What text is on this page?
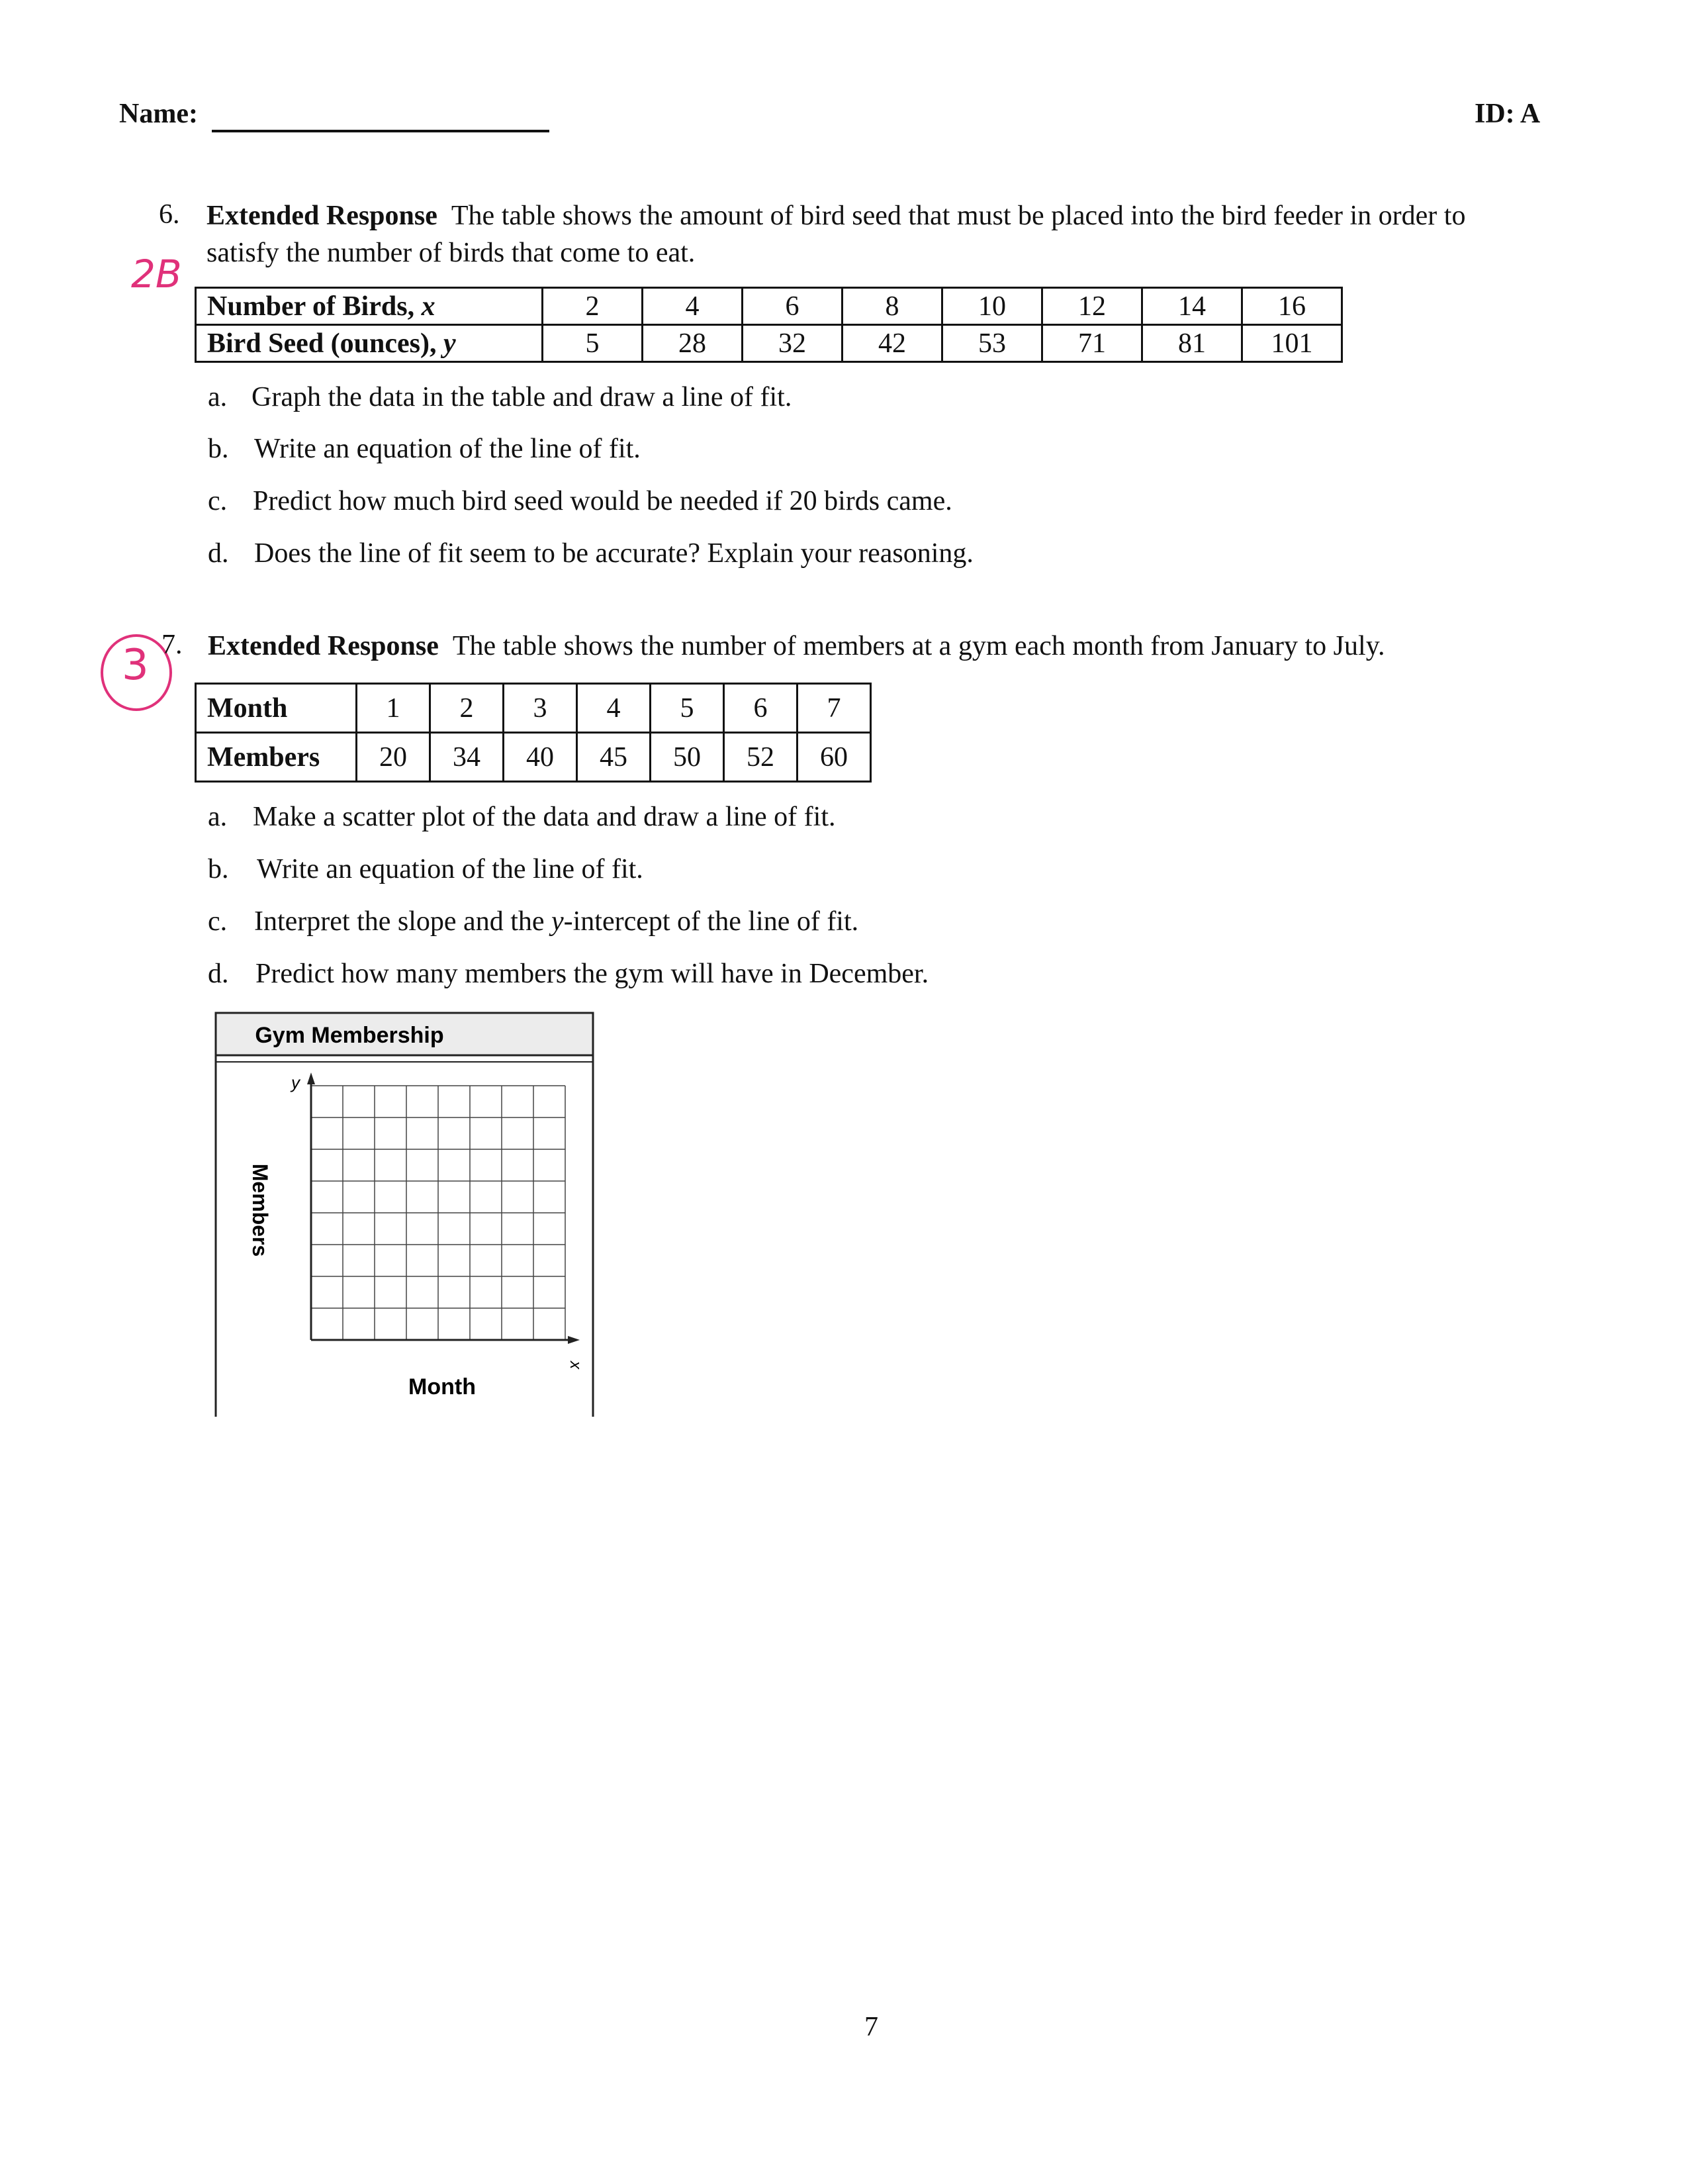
Name:	ID: A
6. Extended Response The table shows the amount of bird seed that must be placed into the bird feeder in order to
satisfy the number of birds that come to eat.
2B
Number of Birds, x	2	4	6	8	10	12	14	16
Bird Seed (ounces), y	5	28	32	42	53	71	81	101
a. Graph the data in the table and draw a line of fit.
b. Write an equation of the line of fit.
c. Predict how much bird seed would be needed if 20 birds came.
d. Does the line of fit seem to be accurate? Explain your reasoning.
3 7. Extended Response The table shows the number of members at a gym each month from January to July.
Month	1	2	3	4	5	6	7
Members	20	34	40	45	50	52	60
a. Make a scatter plot of the data and draw a line of fit.
b. Write an equation of the line of fit.
c. Interpret the slope and the y-intercept of the line of fit.
d. Predict how many members the gym will have in December.
Gym Membership
y
x
Members
Month
7
